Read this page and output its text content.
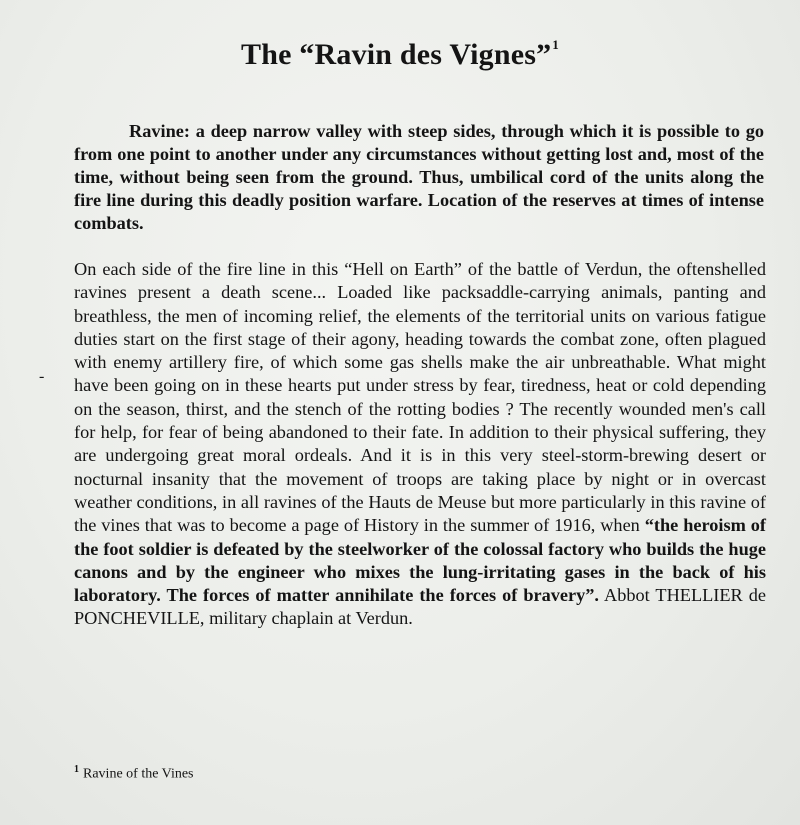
The “Ravin des Vignes”$^1$

Ravine: a deep narrow valley with steep sides, through which it is possible to go from one point to another under any circumstances without getting lost and, most of the time, without being seen from the ground. Thus, umbilical cord of the units along the fire line during this deadly position warfare. Location of the reserves at times of intense combats.

-

On each side of the fire line in this “Hell on Earth” of the battle of Verdun, the oftenshelled ravines present a death scene... Loaded like packsaddle-carrying animals, panting and breathless, the men of incoming relief, the elements of the territorial units on various fatigue duties start on the first stage of their agony, heading towards the combat zone, often plagued with enemy artillery fire, of which some gas shells make the air unbreathable. What might have been going on in these hearts put under stress by fear, tiredness, heat or cold depending on the season, thirst, and the stench of the rotting bodies ? The recently wounded men's call for help, for fear of being abandoned to their fate. In addition to their physical suffering, they are undergoing great moral ordeals. And it is in this very steel-storm-brewing desert or nocturnal insanity that the movement of troops are taking place by night or in overcast weather conditions, in all ravines of the Hauts de Meuse but more particularly in this ravine of the vines that was to become a page of History in the summer of 1916, when “the heroism of the foot soldier is defeated by the steelworker of the colossal factory who builds the huge canons and by the engineer who mixes the lung-irritating gases in the back of his laboratory. The forces of matter annihilate the forces of bravery”. Abbot THELLIER de PONCHEVILLE, military chaplain at Verdun.

$^1$ Ravine of the Vines
